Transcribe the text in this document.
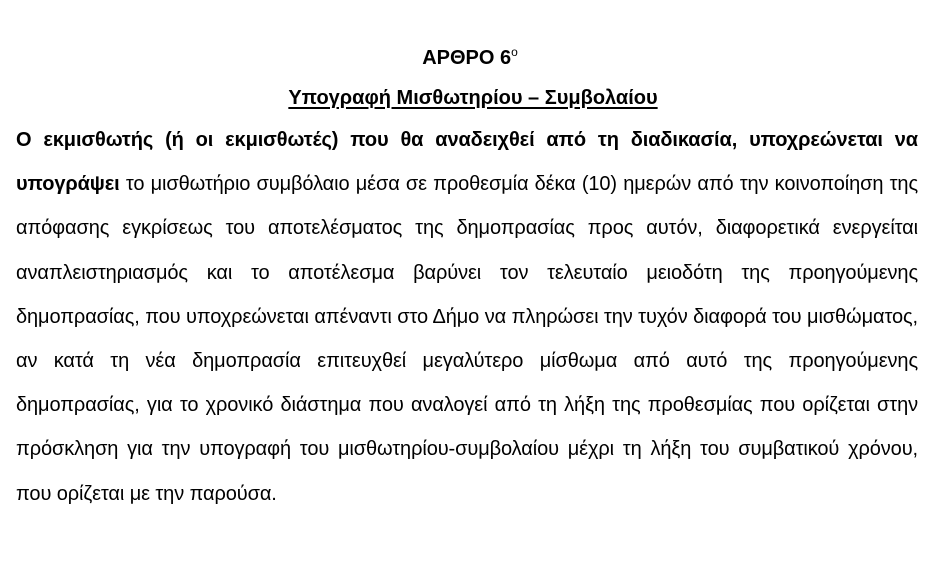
ΑΡΘΡΟ $6^o$

Υπογραφή Μισθωτηρίου – Συμβολαίου

Ο εκμισθωτής (ή οι εκμισθωτές) που θα αναδειχθεί από τη διαδικασία, υποχρεώνεται να υπογράψει το μισθωτήριο συμβόλαιο μέσα σε προθεσμία δέκα (10) ημερών από την κοινοποίηση της απόφασης εγκρίσεως του αποτελέσματος της δημοπρασίας προς αυτόν, διαφορετικά ενεργείται αναπλειστηριασμός και το αποτέλεσμα βαρύνει τον τελευταίο μειοδότη της προηγούμενης δημοπρασίας, που υποχρεώνεται απέναντι στο Δήμο να πληρώσει την τυχόν διαφορά του μισθώματος, αν κατά τη νέα δημοπρασία επιτευχθεί μεγαλύτερο μίσθωμα από αυτό της προηγούμενης δημοπρασίας, για το χρονικό διάστημα που αναλογεί από τη λήξη της προθεσμίας που ορίζεται στην πρόσκληση για την υπογραφή του μισθωτηρίου-συμβολαίου μέχρι τη λήξη του συμβατικού χρόνου, που ορίζεται με την παρούσα.
